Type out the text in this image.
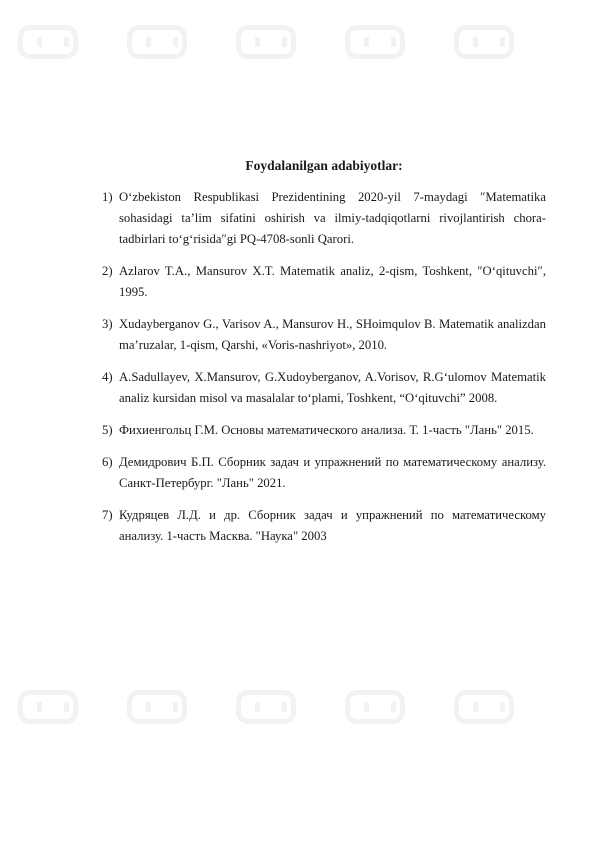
Foydalanilgan adabiyotlar:
1) O‘zbekiston Respublikasi Prezidentining 2020-yil 7-maydagi ″Matematika sohasidagi ta’lim sifatini oshirish va ilmiy-tadqiqotlarni rivojlantirish chora-tadbirlari to‘g‘risida″gi PQ-4708-sonli Qarori.
2) Azlarov T.A., Mansurov X.T. Matematik analiz, 2-qism, Toshkent, ″O‘qituvchi″, 1995.
3) Xudayberganov G., Varisov A., Mansurov H., SHoimqulov B. Matematik analizdan ma’ruzalar, 1-qism, Qarshi, «Voris-nashriyot», 2010.
4) A.Sadullayev, X.Mansurov, G.Xudoyberganov, A.Vorisov, R.G‘ulomov Matematik analiz kursidan misol va masalalar to‘plami, Toshkent, “O‘qituvchi” 2008.
5) Фихиенгольц Г.М. Основы математического анализа. Т. 1-часть "Лань" 2015.
6) Демидрович Б.П. Сборник задач и упражнений по математическому анализу. Санкт-Петербург. "Лань" 2021.
7) Кудряцев Л.Д. и др. Сборник задач и упражнений по математическому анализу. 1-часть Масква. "Наука" 2003
